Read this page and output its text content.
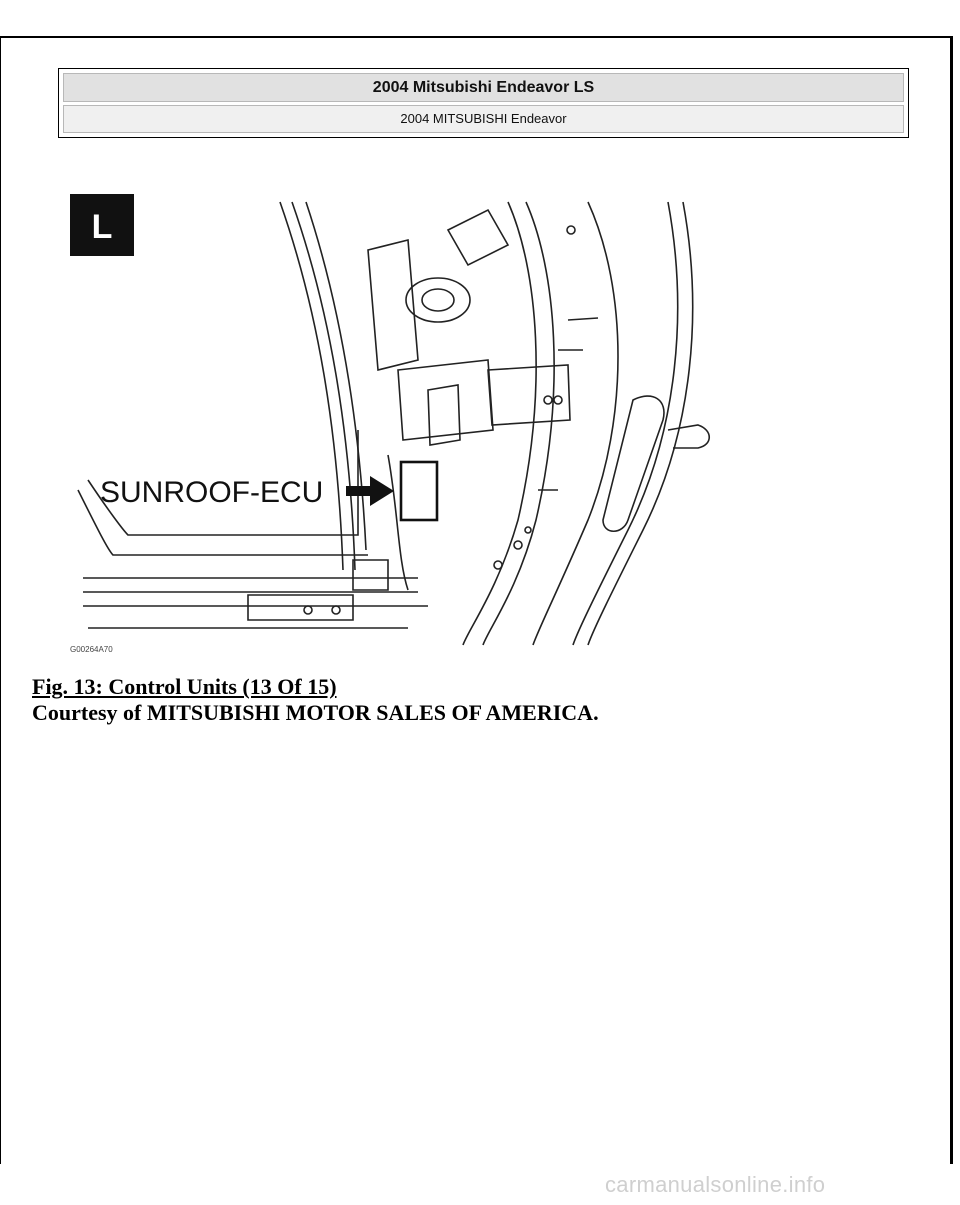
2004 Mitsubishi Endeavor LS
2004 MITSUBISHI Endeavor
L
SUNROOF-ECU
G00264A70
Fig. 13: Control Units (13 Of 15)
Courtesy of MITSUBISHI MOTOR SALES OF AMERICA.
carmanualsonline.info
